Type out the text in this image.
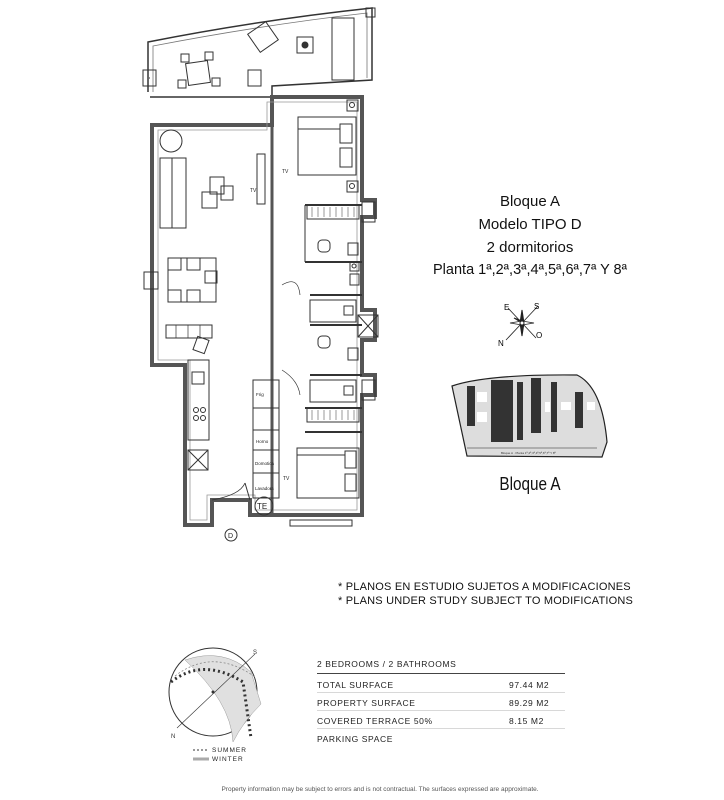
TV
TV
TV
TE
D
Frig
Horno
Domotica
Lavadora
Bloque A
Modelo TIPO D
2 dormitorios
Planta 1ª,2ª,3ª,4ª,5ª,6ª,7ª Y 8ª
E	S
N
O
Bloque A · Planta 1ª,2ª,3ª,4ª,5ª,6ª,7ª Y 8ª
Bloque A
* PLANOS EN ESTUDIO SUJETOS A MODIFICACIONES
* PLANS UNDER STUDY SUBJECT TO MODIFICATIONS
S
N
SUMMER
WINTER
2 BEDROOMS / 2 BATHROOMS
TOTAL SURFACE	97.44 M2
PROPERTY SURFACE	89.29 M2
COVERED TERRACE 50%	8.15 M2
PARKING SPACE
Property information may be subject to errors and is not contractual. The surfaces expressed are approximate.
